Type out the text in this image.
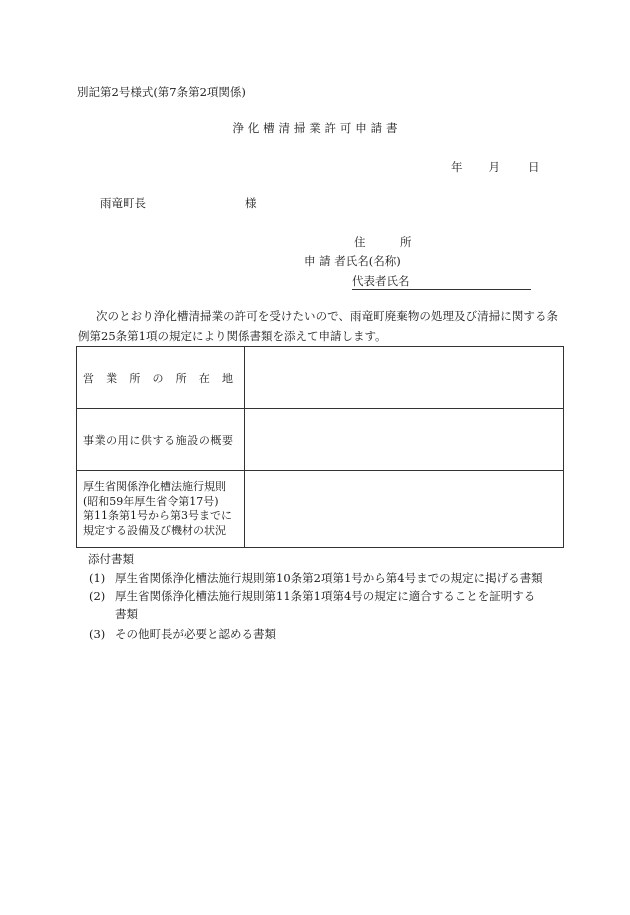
別記第2号様式(第7条第2項関係)
浄 化 槽 清 掃 業 許 可 申 請 書
年 月 日
雨竜町長	様
住　　　所
申 請 者氏名(名称)
代表者氏名
次のとおり浄化槽清掃業の許可を受けたいので、雨竜町廃棄物の処理及び清掃に関する条例第25条第1項の規定により関係書類を添えて申請します。
営業所の所在地	

事業の用に供する施設の概要	

厚生省関係浄化槽法施行規則
(昭和59年厚生省令第17号)
第11条第1号から第3号までに
規定する設備及び機材の状況	

添付書類
(1) 厚生省関係浄化槽法施行規則第10条第2項第1号から第4号までの規定に掲げる書類
(2) 厚生省関係浄化槽法施行規則第11条第1項第4号の規定に適合することを証明する
書類
(3) その他町長が必要と認める書類
